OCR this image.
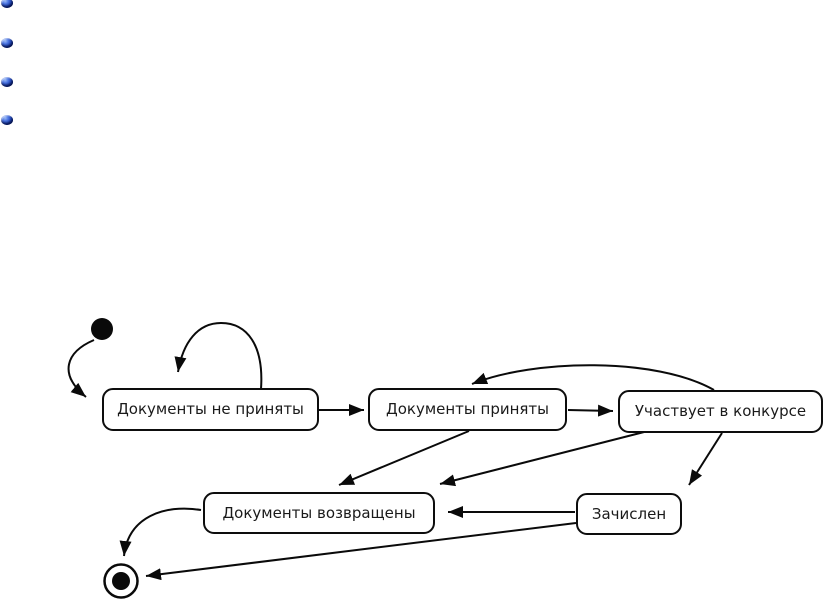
Документы не приняты	Документы приняты	Участвует в конкурсе
Документы возвращены	Зачислен
